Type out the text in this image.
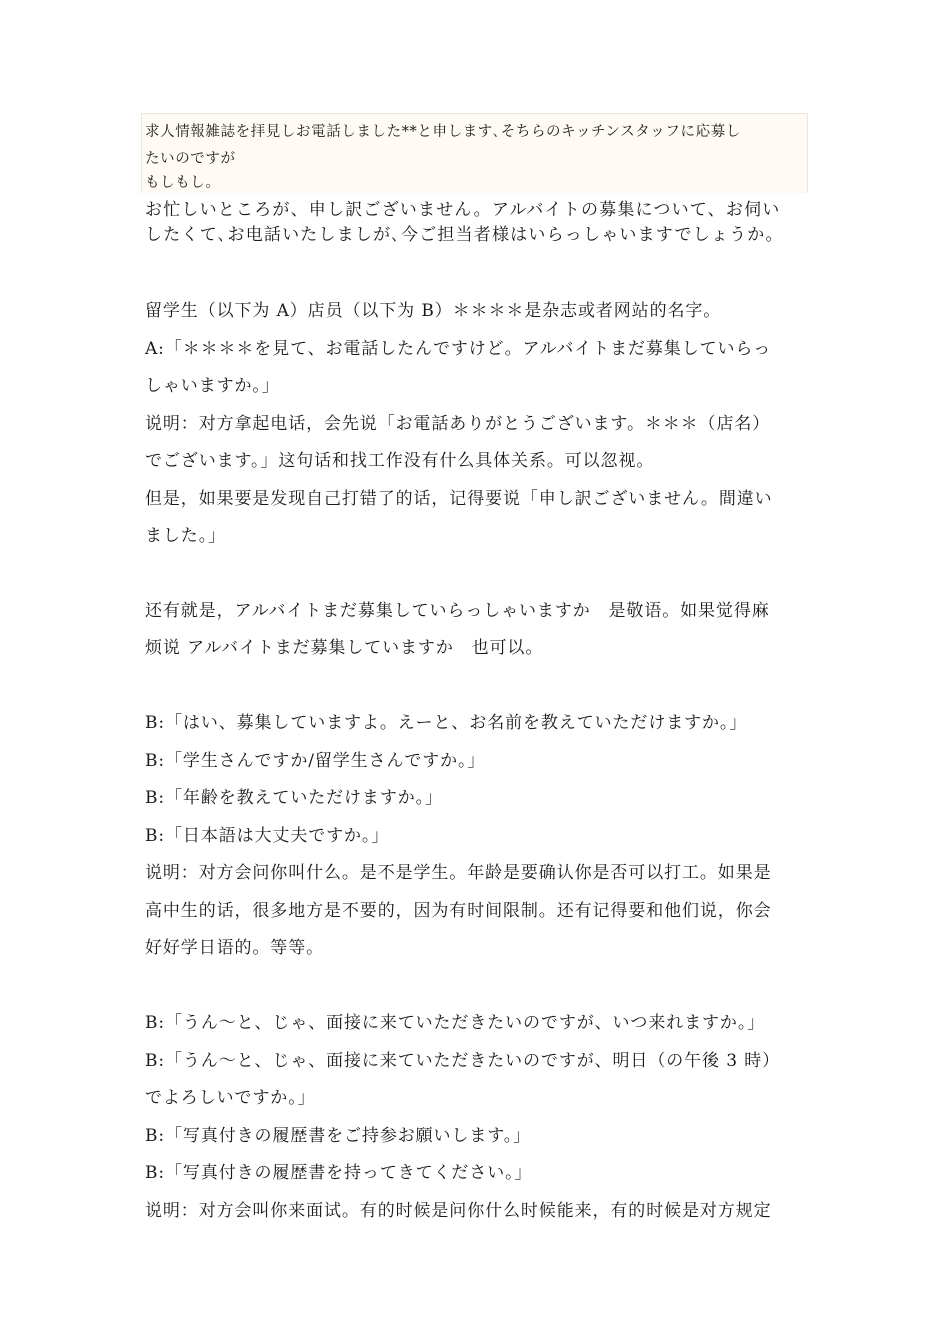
求人情報雑誌を拝見しお電話しました**と申します､そちらのキッチンスタッフに応募し
たいのですが
もしもし。
お忙しいところが、申し訳ございません。アルバイトの募集について、お伺い
したくて､お电話いたしましが､今ご担当者様はいらっしゃいますでしょうか。
留学生（以下为 A）店员（以下为 B）＊＊＊＊是杂志或者网站的名字。
A:「＊＊＊＊を見て、お電話したんですけど。アルバイトまだ募集していらっ
しゃいますか。」
说明：对方拿起电话，会先说「お電話ありがとうございます。＊＊＊（店名）
でございます。」这句话和找工作没有什么具体关系。可以忽视。
但是，如果要是发现自己打错了的话，记得要说「申し訳ございません。間違い
ました。」
还有就是，アルバイトまだ募集していらっしゃいますか　是敬语。如果觉得麻
烦说 アルバイトまだ募集していますか　也可以。
B:「はい、募集していますよ。えーと、お名前を教えていただけますか。」
B:「学生さんですか/留学生さんですか。」
B:「年齢を教えていただけますか。」
B:「日本語は大丈夫ですか。」
说明：对方会问你叫什么。是不是学生。年龄是要确认你是否可以打工。如果是
高中生的话，很多地方是不要的，因为有时间限制。还有记得要和他们说，你会
好好学日语的。等等。
B:「うん～と、じゃ、面接に来ていただきたいのですが、いつ来れますか。」
B:「うん～と、じゃ、面接に来ていただきたいのですが、明日（の午後 3 時）
でよろしいですか。」
B:「写真付きの履歴書をご持参お願いします。」
B:「写真付きの履歴書を持ってきてください。」
说明：对方会叫你来面试。有的时候是问你什么时候能来，有的时候是对方规定
